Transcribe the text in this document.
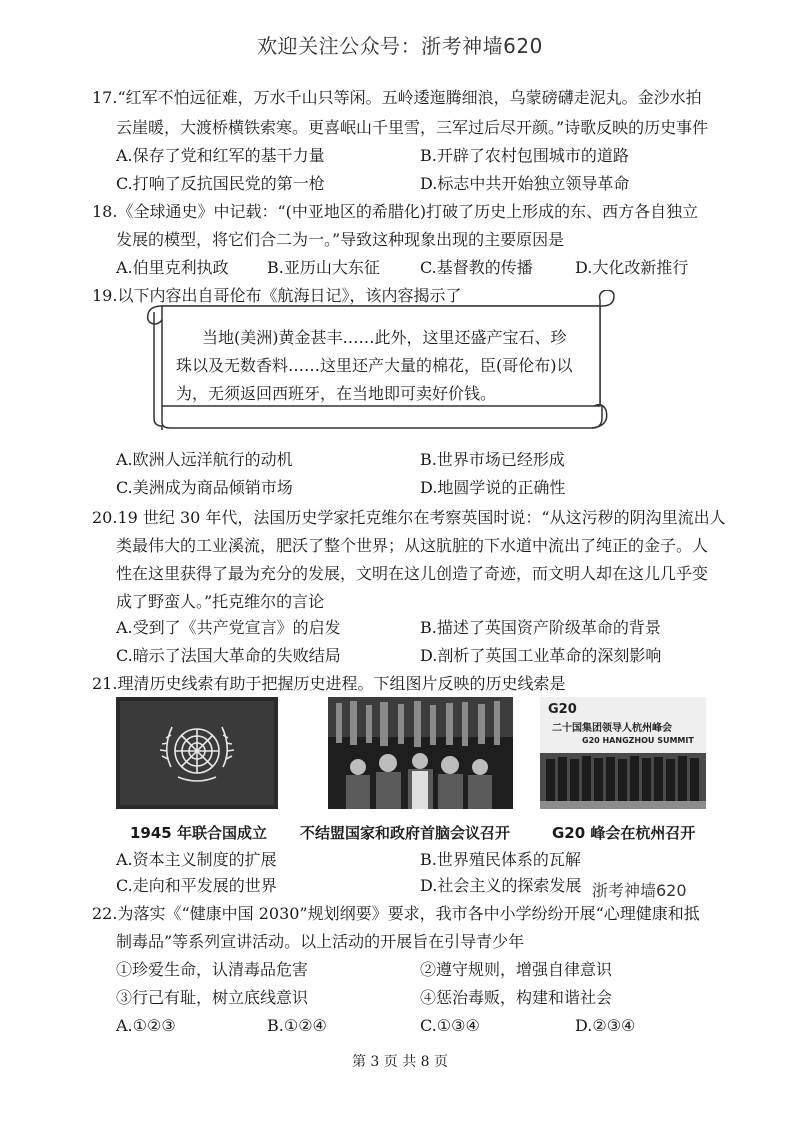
欢迎关注公众号：浙考神墙620
17.“红军不怕远征难，万水千山只等闲。五岭逶迤腾细浪，乌蒙磅礴走泥丸。金沙水拍
云崖暖，大渡桥横铁索寒。更喜岷山千里雪，三军过后尽开颜。”诗歌反映的历史事件
A.保存了党和红军的基干力量	B.开辟了农村包围城市的道路
C.打响了反抗国民党的第一枪	D.标志中共开始独立领导革命
18.《全球通史》中记载：“(中亚地区的希腊化)打破了历史上形成的东、西方各自独立
发展的模型，将它们合二为一。”导致这种现象出现的主要原因是
A.伯里克利执政 B.亚历山大东征	C.基督教的传播	D.大化改新推行
19.以下内容出自哥伦布《航海日记》，该内容揭示了
当地(美洲)黄金甚丰……此外，这里还盛产宝石、珍
珠以及无数香料……这里还产大量的棉花，臣(哥伦布)以
为，无须返回西班牙，在当地即可卖好价钱。
A.欧洲人远洋航行的动机	B.世界市场已经形成
C.美洲成为商品倾销市场	D.地圆学说的正确性
20.19 世纪 30 年代，法国历史学家托克维尔在考察英国时说：“从这污秽的阴沟里流出人
类最伟大的工业溪流，肥沃了整个世界；从这肮脏的下水道中流出了纯正的金子。人
性在这里获得了最为充分的发展，文明在这儿创造了奇迹，而文明人却在这儿几乎变
成了野蛮人。”托克维尔的言论
A.受到了《共产党宣言》的启发	B.描述了英国资产阶级革命的背景
C.暗示了法国大革命的失败结局	D.剖析了英国工业革命的深刻影响
21.理清历史线索有助于把握历史进程。下组图片反映的历史线索是
G20
二十国集团领导人杭州峰会
G20 HANGZHOU SUMMIT
1945 年联合国成立 不结盟国家和政府首脑会议召开	G20 峰会在杭州召开
A.资本主义制度的扩展	B.世界殖民体系的瓦解
C.走向和平发展的世界	D.社会主义的探索发展 浙考神墙620
22.为落实《“健康中国 2030”规划纲要》要求，我市各中小学纷纷开展“心理健康和抵
制毒品”等系列宣讲活动。以上活动的开展旨在引导青少年
①珍爱生命，认清毒品危害	②遵守规则，增强自律意识
③行己有耻，树立底线意识	④惩治毒贩，构建和谐社会
A.①②③	B.①②④	C.①③④	D.②③④
第 3 页 共 8 页
